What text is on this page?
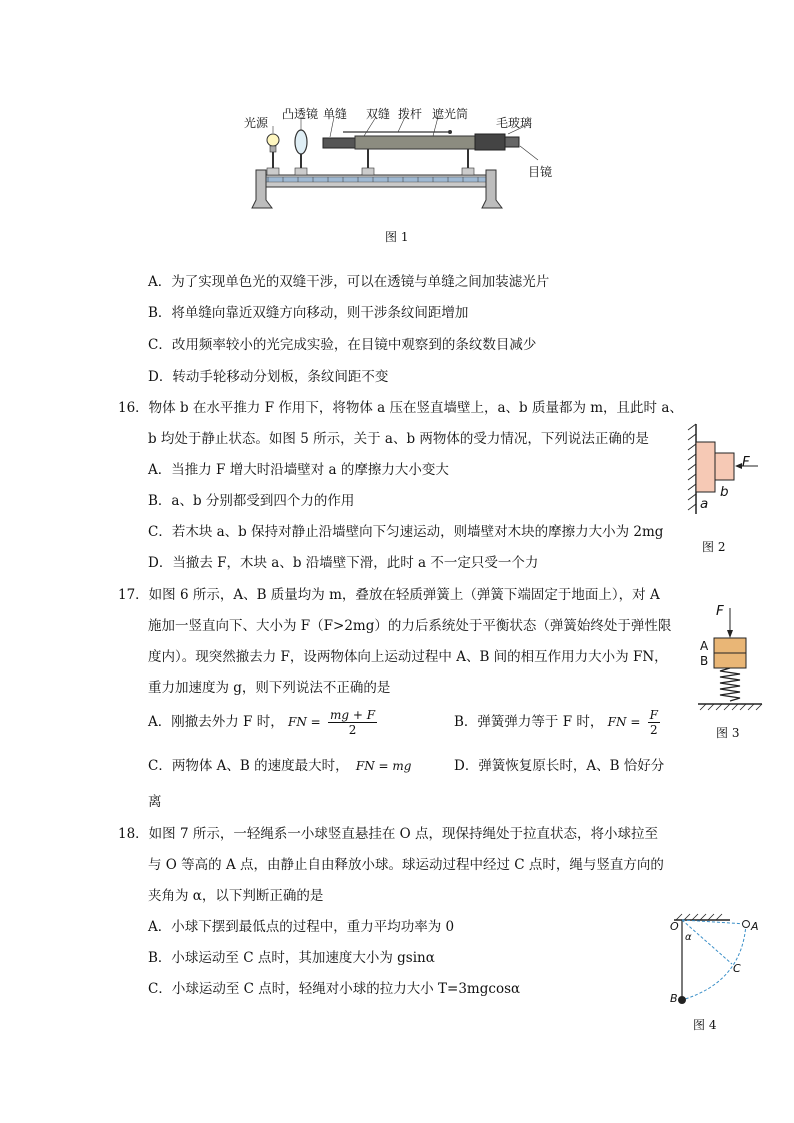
光源
凸透镜 单缝 双缝 拨杆 遮光筒
毛玻璃
目镜
图 1
A．为了实现单色光的双缝干涉，可以在透镜与单缝之间加装滤光片
B．将单缝向靠近双缝方向移动，则干涉条纹间距增加
C．改用频率较小的光完成实验，在目镜中观察到的条纹数目减少
D．转动手轮移动分划板，条纹间距不变
16．物体 b 在水平推力 F 作用下，将物体 a 压在竖直墙壁上，a、b 质量都为 m，且此时 a、
b 均处于静止状态。如图 5 所示，关于 a、b 两物体的受力情况，下列说法正确的是
A．当推力 F 增大时沿墙壁对 a 的摩擦力大小变大
B．a、b 分别都受到四个力的作用
C．若木块 a、b 保持对静止沿墙壁向下匀速运动，则墙壁对木块的摩擦力大小为 2mg
D．当撤去 F，木块 a、b 沿墙壁下滑，此时 a 不一定只受一个力
F
a
b
图 2
17．如图 6 所示，A、B 质量均为 m，叠放在轻质弹簧上（弹簧下端固定于地面上），对 A
施加一竖直向下、大小为 F（F>2mg）的力后系统处于平衡状态（弹簧始终处于弹性限
度内）。现突然撤去力 F，设两物体向上运动过程中 A、B 间的相互作用力大小为 FN，
重力加速度为 g，则下列说法不正确的是
A．刚撤去外力 F 时， FN = $\frac{mg + F}{2}$	B．弹簧弹力等于 F 时， FN = $\frac{F}{2}$
C．两物体 A、B 的速度最大时， FN = mg	D．弹簧恢复原长时，A、B 恰好分
离
F
A
B
图 3
18．如图 7 所示，一轻绳系一小球竖直悬挂在 O 点，现保持绳处于拉直状态，将小球拉至
与 O 等高的 A 点，由静止自由释放小球。球运动过程中经过 C 点时，绳与竖直方向的
夹角为 α，以下判断正确的是
A．小球下摆到最低点的过程中，重力平均功率为 0
B．小球运动至 C 点时，其加速度大小为 gsinα
C．小球运动至 C 点时，轻绳对小球的拉力大小 T=3mgcosα
O
α
A
C
B
图 4
